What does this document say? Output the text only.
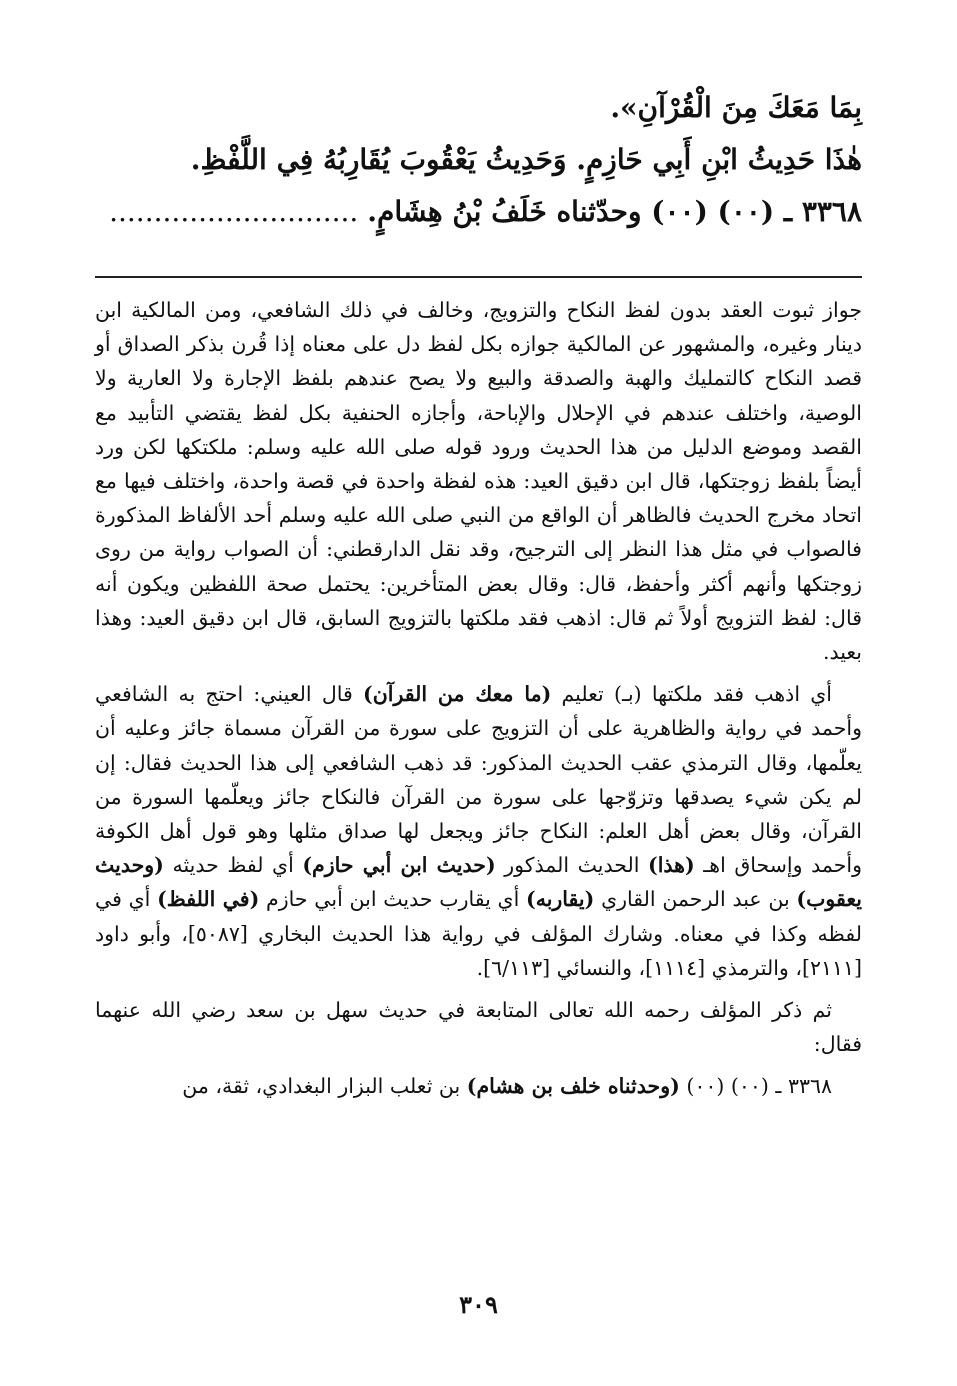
بِمَا مَعَكَ مِنَ الْقُرْآنِ».
هٰذَا حَدِيثُ ابْنِ أَبِي حَازِمٍ. وَحَدِيثُ يَعْقُوبَ يُقَارِبُهُ فِي اللَّفْظِ.
٣٣٦٨ ـ (٠٠) (٠٠) وحدّثناه خَلَفُ بْنُ هِشَامٍ. ............................

جواز ثبوت العقد بدون لفظ النكاح والتزويج، وخالف في ذلك الشافعي، ومن المالكية ابن دينار وغيره، والمشهور عن المالكية جوازه بكل لفظ دل على معناه إذا قُرن بذكر الصداق أو قصد النكاح كالتمليك والهبة والصدقة والبيع ولا يصح عندهم بلفظ الإجارة ولا العارية ولا الوصية، واختلف عندهم في الإحلال والإباحة، وأجازه الحنفية بكل لفظ يقتضي التأبيد مع القصد وموضع الدليل من هذا الحديث ورود قوله صلى الله عليه وسلم: ملكتكها لكن ورد أيضاً بلفظ زوجتكها، قال ابن دقيق العيد: هذه لفظة واحدة في قصة واحدة، واختلف فيها مع اتحاد مخرج الحديث فالظاهر أن الواقع من النبي صلى الله عليه وسلم أحد الألفاظ المذكورة فالصواب في مثل هذا النظر إلى الترجيح، وقد نقل الدارقطني: أن الصواب رواية من روى زوجتكها وأنهم أكثر وأحفظ، قال: وقال بعض المتأخرين: يحتمل صحة اللفظين ويكون أنه قال: لفظ التزويج أولاً ثم قال: اذهب فقد ملكتها بالتزويج السابق، قال ابن دقيق العيد: وهذا بعيد.

أي اذهب فقد ملكتها (بـ) تعليم (ما معك من القرآن) قال العيني: احتج به الشافعي وأحمد في رواية والظاهرية على أن التزويج على سورة من القرآن مسماة جائز وعليه أن يعلّمها، وقال الترمذي عقب الحديث المذكور: قد ذهب الشافعي إلى هذا الحديث فقال: إن لم يكن شيء يصدقها وتزوّجها على سورة من القرآن فالنكاح جائز ويعلّمها السورة من القرآن، وقال بعض أهل العلم: النكاح جائز ويجعل لها صداق مثلها وهو قول أهل الكوفة وأحمد وإسحاق اهـ (هذا) الحديث المذكور (حديث ابن أبي حازم) أي لفظ حديثه (وحديث يعقوب) بن عبد الرحمن القاري (يقاربه) أي يقارب حديث ابن أبي حازم (في اللفظ) أي في لفظه وكذا في معناه. وشارك المؤلف في رواية هذا الحديث البخاري [٥٠٨٧]، وأبو داود [٢١١١]، والترمذي [١١١٤]، والنسائي [٦/١١٣].

ثم ذكر المؤلف رحمه الله تعالى المتابعة في حديث سهل بن سعد رضي الله عنهما فقال:

٣٣٦٨ ـ (٠٠) (٠٠) (وحدثناه خلف بن هشام) بن ثعلب البزار البغدادي، ثقة، من

٣٠٩
